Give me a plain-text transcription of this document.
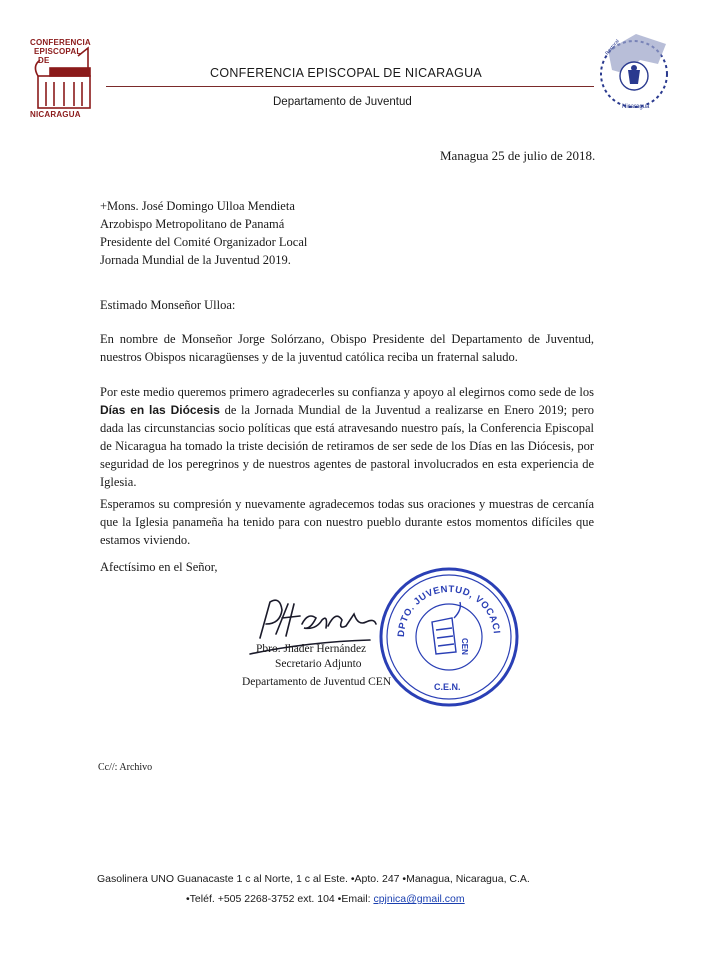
CONFERENCIA
EPISCOPAL
DE
NICARAGUA
CONFERENCIA EPISCOPAL DE NICARAGUA
Departamento de Juventud	Nicaragua
Pastoral
Managua 25 de julio de 2018.
+Mons. José Domingo Ulloa Mendieta
Arzobispo Metropolitano de Panamá
Presidente del Comité Organizador Local
Jornada Mundial de la Juventud 2019.
Estimado Monseñor Ulloa:
En nombre de Monseñor Jorge Solórzano, Obispo Presidente del Departamento de Juventud, nuestros Obispos nicaragüenses y de la juventud católica reciba un fraternal saludo.
Por este medio queremos primero agradecerles su confianza y apoyo al elegirnos como sede de los Días en las Diócesis de la Jornada Mundial de la Juventud a realizarse en Enero 2019; pero dada las circunstancias socio políticas que está atravesando nuestro país, la Conferencia Episcopal de Nicaragua ha tomado la triste decisión de retiramos de ser sede de los Días en las Diócesis, por seguridad de los peregrinos y de nuestros agentes de pastoral involucrados en esta experiencia de Iglesia.
Esperamos su compresión y nuevamente agradecemos todas sus oraciones y muestras de cercanía que la Iglesia panameña ha tenido para con nuestro pueblo durante estos momentos difíciles que estamos viviendo.
Afectísimo en el Señor,
DPTO. JUVENTUD, VOCACI
CEN
C.E.N.
Pbro. Jhader Hernández
Secretario Adjunto
Departamento de Juventud CEN
Cc//: Archivo
Gasolinera UNO Guanacaste 1 c al Norte, 1 c al Este. •Apto. 247 •Managua, Nicaragua, C.A.
•Teléf. +505 2268-3752 ext. 104 •Email: cpjnica@gmail.com
